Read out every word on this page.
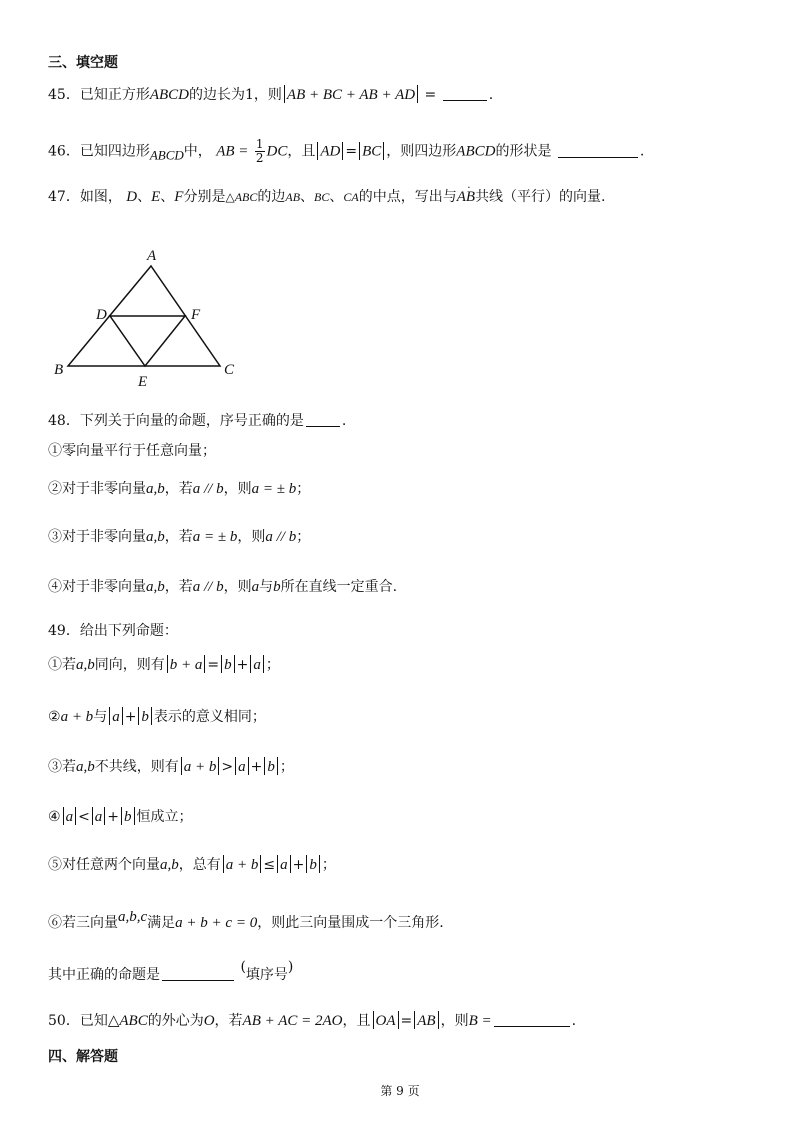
三、填空题
45．已知正方形ABCD的边长为1，则 AB + BC + AB + AD =	.
46．已知四边形ABCD中， AB = $\frac{1}{2}$ DC，且 AD = BC ，则四边形ABCD的形状是	.
47．如图， D、E、F分别是△ABC的边AB、BC、CA的中点，写出与· AB共线（平行）的向量.
A
D	F
B	C
E
48．下列关于向量的命题，序号正确的是	.
①零向量平行于任意向量；
②对于非零向量a,b，若a // b，则a = ± b；
③对于非零向量a,b，若a = ± b，则a // b；
④对于非零向量a,b，若a // b，则a与b所在直线一定重合.
49．给出下列命题：
①若a,b同向，则有 b + a = b + a ；
②a + b与 a + b 表示的意义相同；
③若a,b不共线，则有 a + b > a + b ；
④ a < a + b 恒成立；
⑤对任意两个向量a,b，总有 a + b ≤ a + b ；
⑥若三向量a,b,c满足a + b + c = 0，则此三向量围成一个三角形.
其中正确的命题是	(填序号)
50．已知△ABC的外心为O，若AB + AC = 2AO，且 OA = AB ，则B =	.
四、解答题
第 9 页
